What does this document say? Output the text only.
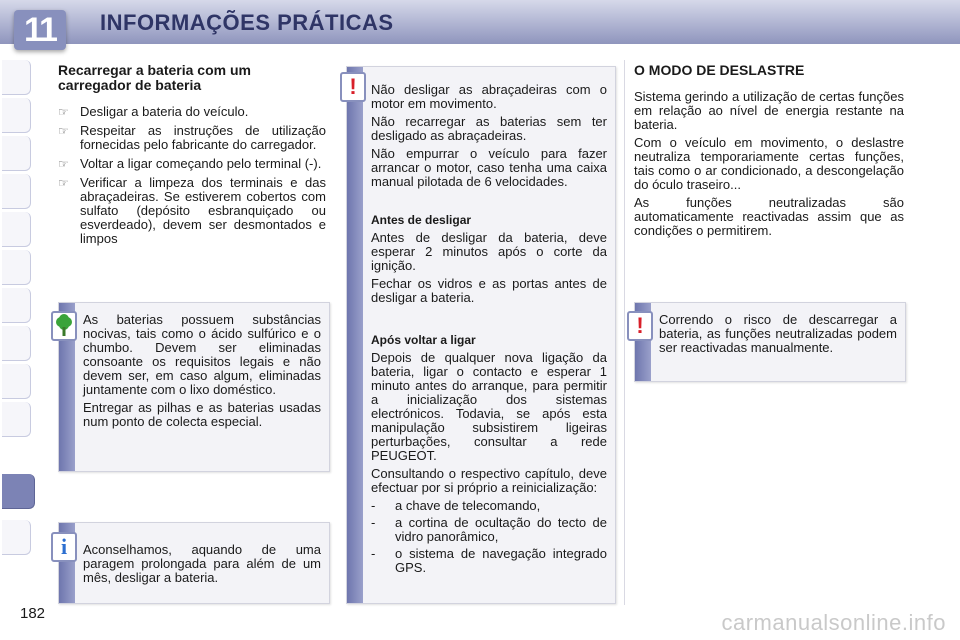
11	INFORMAÇÕES PRÁTICAS
Recarregar a bateria com um carregador de bateria
☞ Desligar a bateria do veículo.
☞ Respeitar as instruções de utilização fornecidas pelo fabricante do carregador.
☞ Voltar a ligar começando pelo terminal (-).
☞ Verificar a limpeza dos terminais e das abraçadeiras. Se estiverem cobertos com sulfato (depósito esbranquiçado ou esverdeado), devem ser desmontados e limpos

As baterias possuem substâncias nocivas, tais como o ácido sulfúrico e o chumbo. Devem ser eliminadas consoante os requisitos legais e não devem ser, em caso algum, eliminadas juntamente com o lixo doméstico.

Entregar as pilhas e as baterias usadas num ponto de colecta especial.

Aconselhamos, aquando de uma paragem prolongada para além de um mês, desligar a bateria.

i

Não desligar as abraçadeiras com o motor em movimento.

Não recarregar as baterias sem ter desligado as abraçadeiras.

Não empurrar o veículo para fazer arrancar o motor, caso tenha uma caixa manual pilotada de 6 velocidades.

Antes de desligar

Antes de desligar da bateria, deve esperar 2 minutos após o corte da ignição.

Fechar os vidros e as portas antes de desligar a bateria.

Após voltar a ligar

Depois de qualquer nova ligação da bateria, ligar o contacto e esperar 1 minuto antes do arranque, para permitir a inicialização dos sistemas electrónicos. Todavia, se após esta manipulação subsistirem ligeiras perturbações, consultar a rede PEUGEOT.

Consultando o respectivo capítulo, deve efectuar por si próprio a reinicialização:

- a chave de telecomando,
- a cortina de ocultação do tecto de vidro panorâmico,
- o sistema de navegação integrado GPS.
!
O MODO DE DESLASTRE

Sistema gerindo a utilização de certas funções em relação ao nível de energia restante na bateria.

Com o veículo em movimento, o deslastre neutraliza temporariamente certas funções, tais como o ar condicionado, a descongelação do óculo traseiro...

As funções neutralizadas são automaticamente reactivadas assim que as condições o permitirem.

Correndo o risco de descarregar a bateria, as funções neutralizadas podem ser reactivadas manualmente.

!
182	carmanualsonline.info
